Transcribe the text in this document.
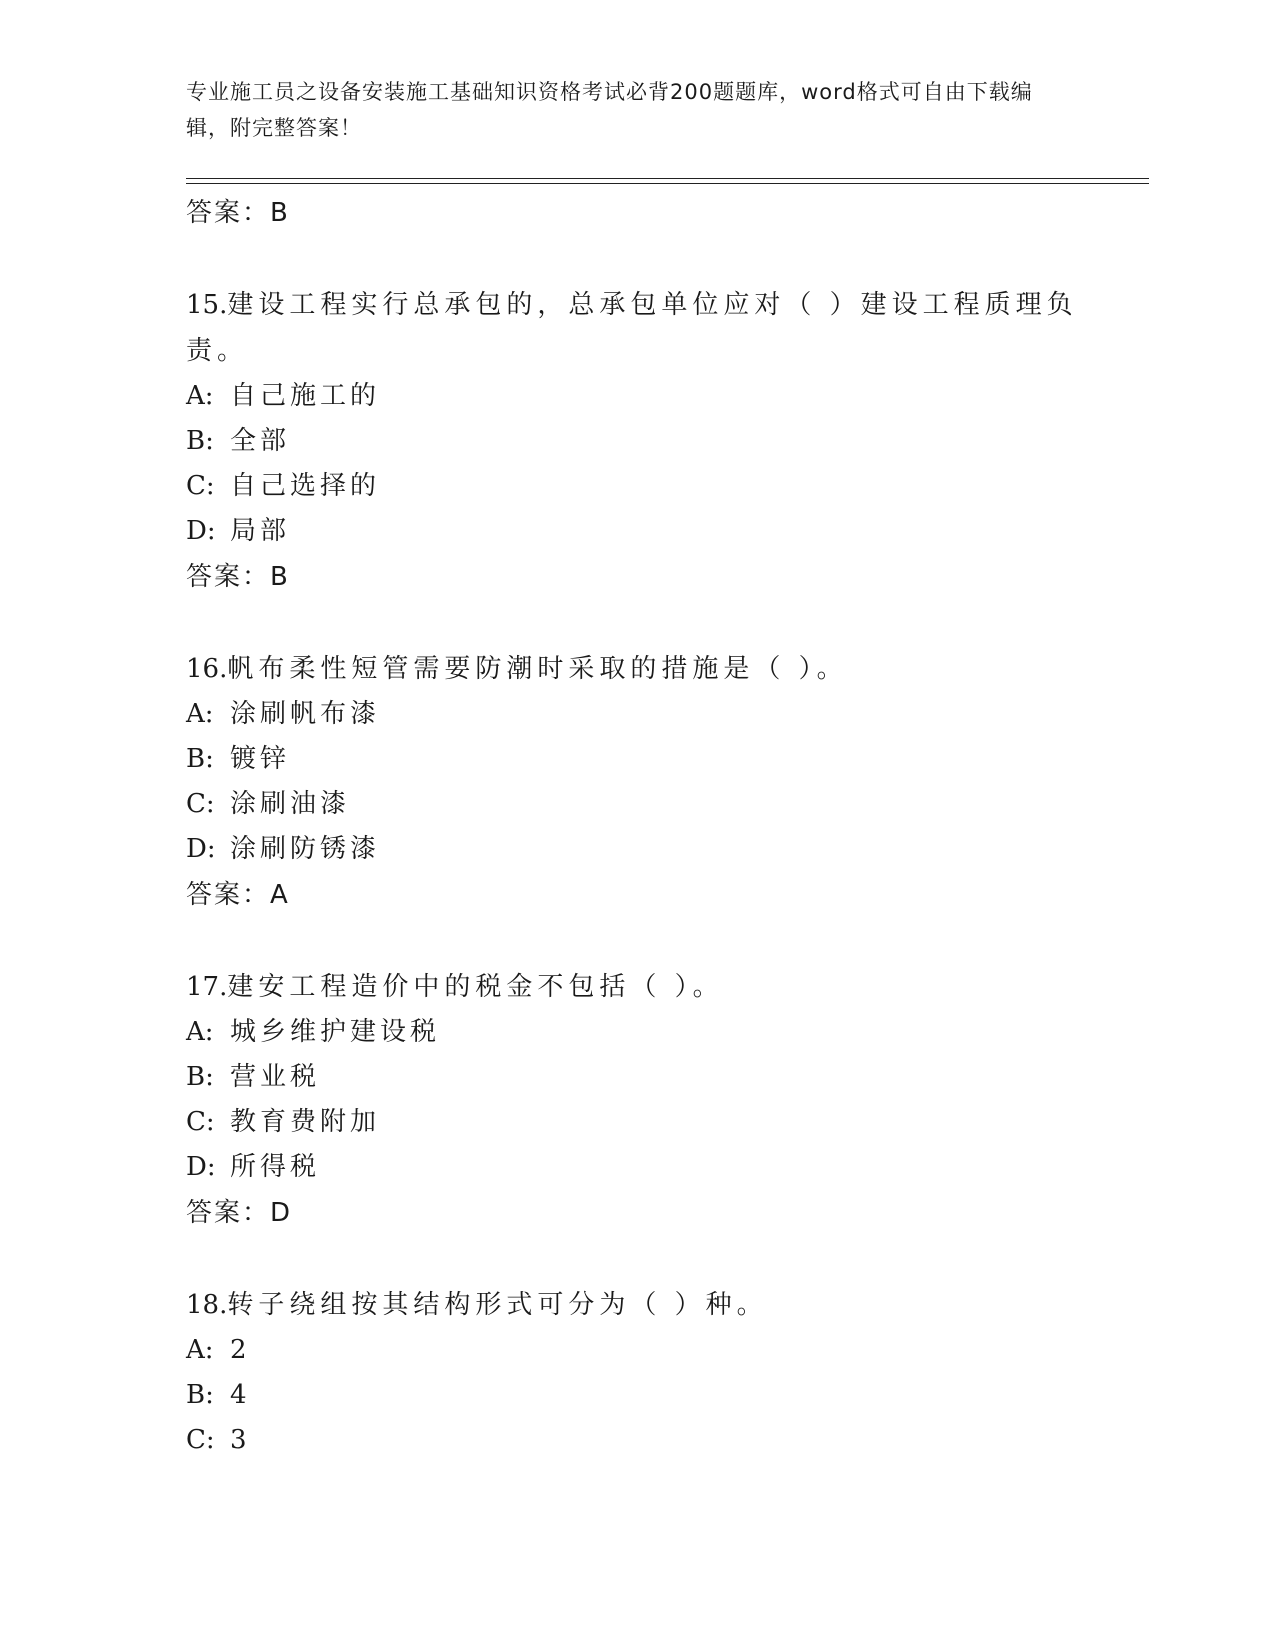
专业施工员之设备安装施工基础知识资格考试必背200题题库，word格式可自由下载编辑，附完整答案！
答案：B
15.建设工程实行总承包的，总承包单位应对（ ）建设工程质理负责。
A: 自己施工的
B: 全部
C: 自己选择的
D: 局部
答案：B
16.帆布柔性短管需要防潮时采取的措施是（ ）。
A: 涂刷帆布漆
B: 镀锌
C: 涂刷油漆
D: 涂刷防锈漆
答案：A
17.建安工程造价中的税金不包括（ ）。
A: 城乡维护建设税
B: 营业税
C: 教育费附加
D: 所得税
答案：D
18.转子绕组按其结构形式可分为（ ）种。
A: 2
B: 4
C: 3
